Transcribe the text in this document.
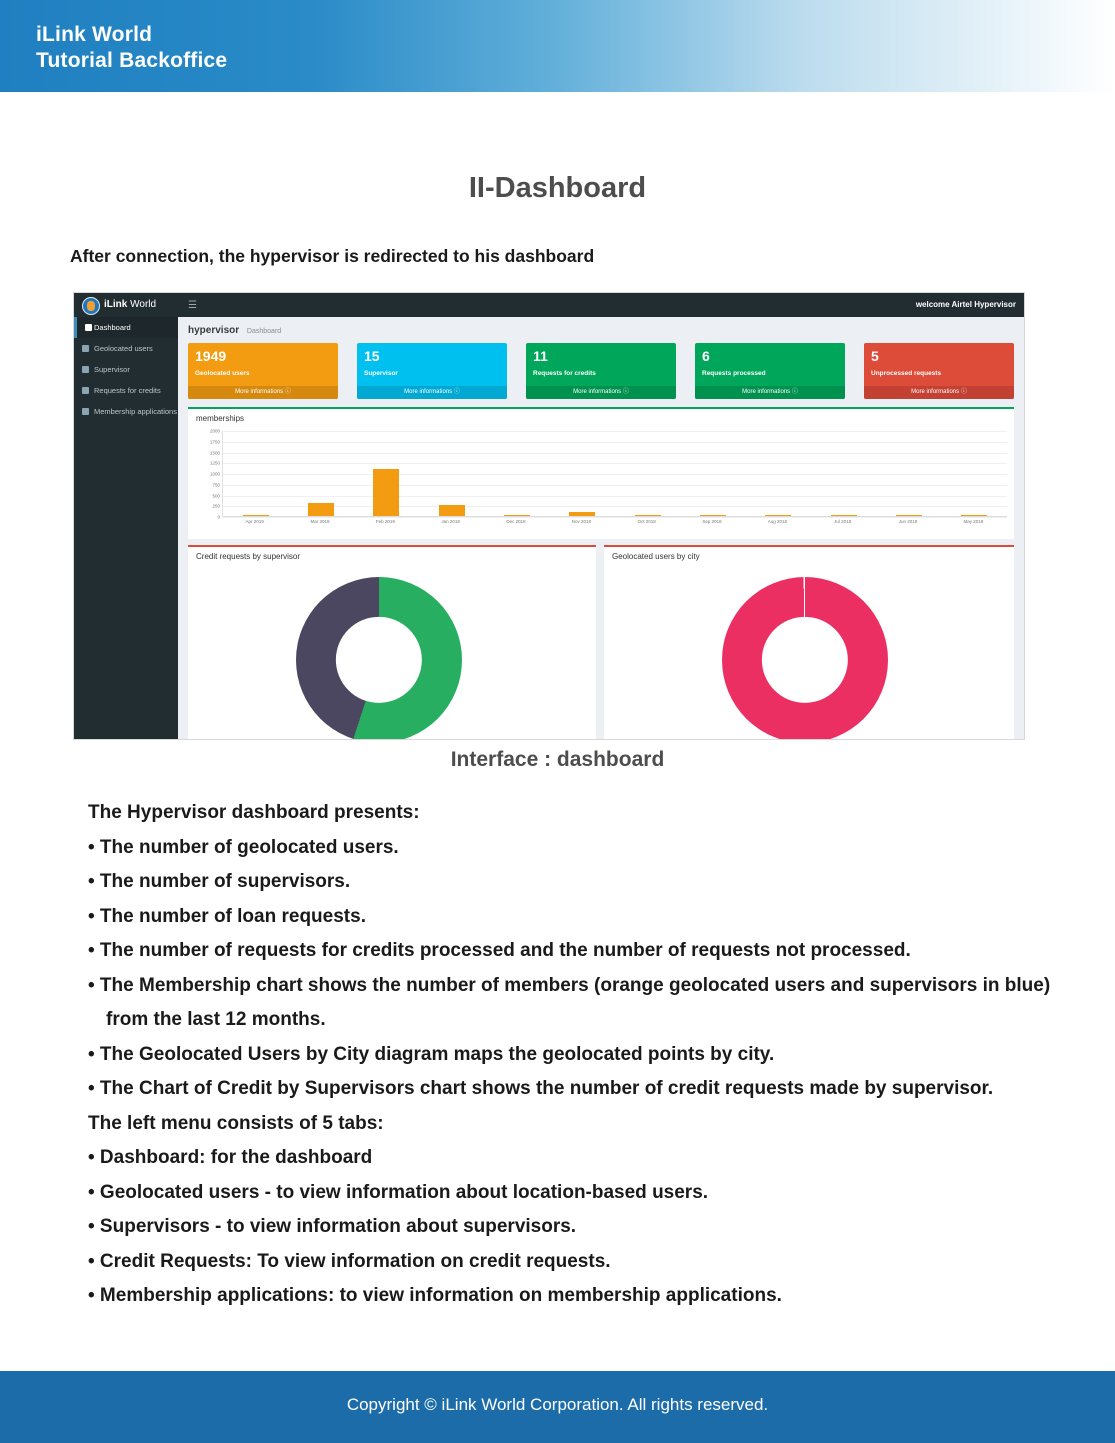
iLink World
Tutorial Backoffice
II-Dashboard
After connection, the hypervisor is redirected to his dashboard
iLink World	☰	welcome Airtel Hypervisor
Dashboard
Geolocated users
Supervisor
Requests for credits
Membership applications
hypervisor Dashboard
1949
Geolocated users
More informations ⓘ
15
Supervisor
More informations ⓘ
11
Requests for credits
More informations ⓘ
6
Requests processed
More informations ⓘ
5
Unprocessed requests
More informations ⓘ
memberships
2000
1750
1500
1250
1000
750
500
250
0
Apr 2019	Mar 2019	Feb 2019	Jan 2019	Dec 2018	Nov 2018	Oct 2018	Sep 2018	Aug 2018	Jul 2018	Jun 2018	May 2018
Credit requests by supervisor	Geolocated users by city
Interface : dashboard
The Hypervisor dashboard presents:
• The number of geolocated users.
• The number of supervisors.
• The number of loan requests.
• The number of requests for credits processed and the number of requests not processed.
• The Membership chart shows the number of members (orange geolocated users and supervisors in blue)
from the last 12 months.
• The Geolocated Users by City diagram maps the geolocated points by city.
• The Chart of Credit by Supervisors chart shows the number of credit requests made by supervisor.
The left menu consists of 5 tabs:
• Dashboard: for the dashboard
• Geolocated users - to view information about location-based users.
• Supervisors - to view information about supervisors.
• Credit Requests: To view information on credit requests.
• Membership applications: to view information on membership applications.
Copyright © iLink World Corporation. All rights reserved.
